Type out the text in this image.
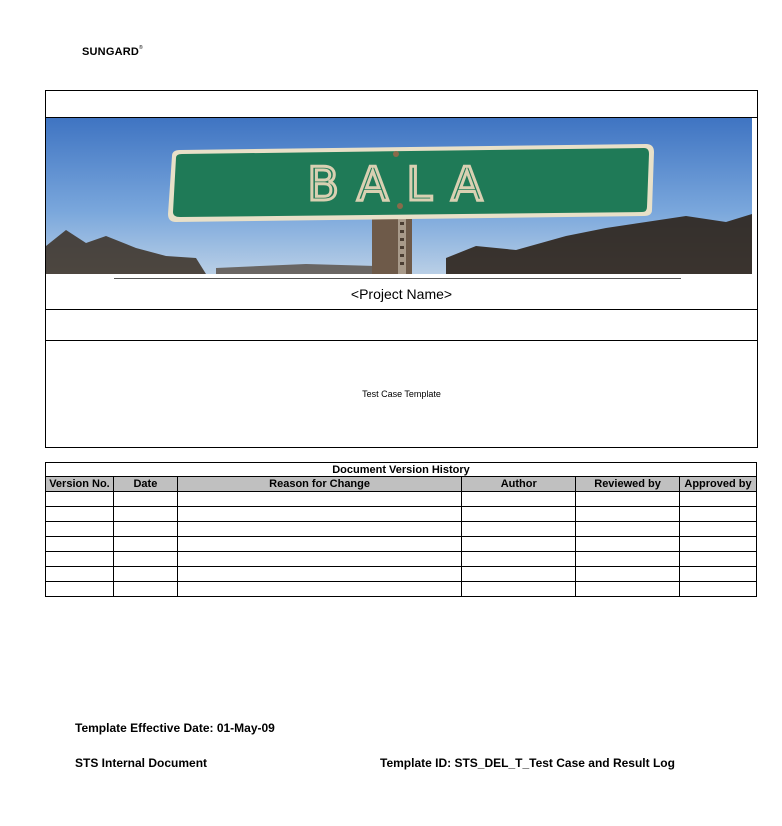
SUNGARD®
BALA
<Project Name>
Test Case Template
Document Version History					
Version No.	Date	Reason for Change	Author	Reviewed by	Approved by

Template Effective Date: 01-May-09
STS Internal Document	Template ID: STS_DEL_T_Test Case and Result Log
